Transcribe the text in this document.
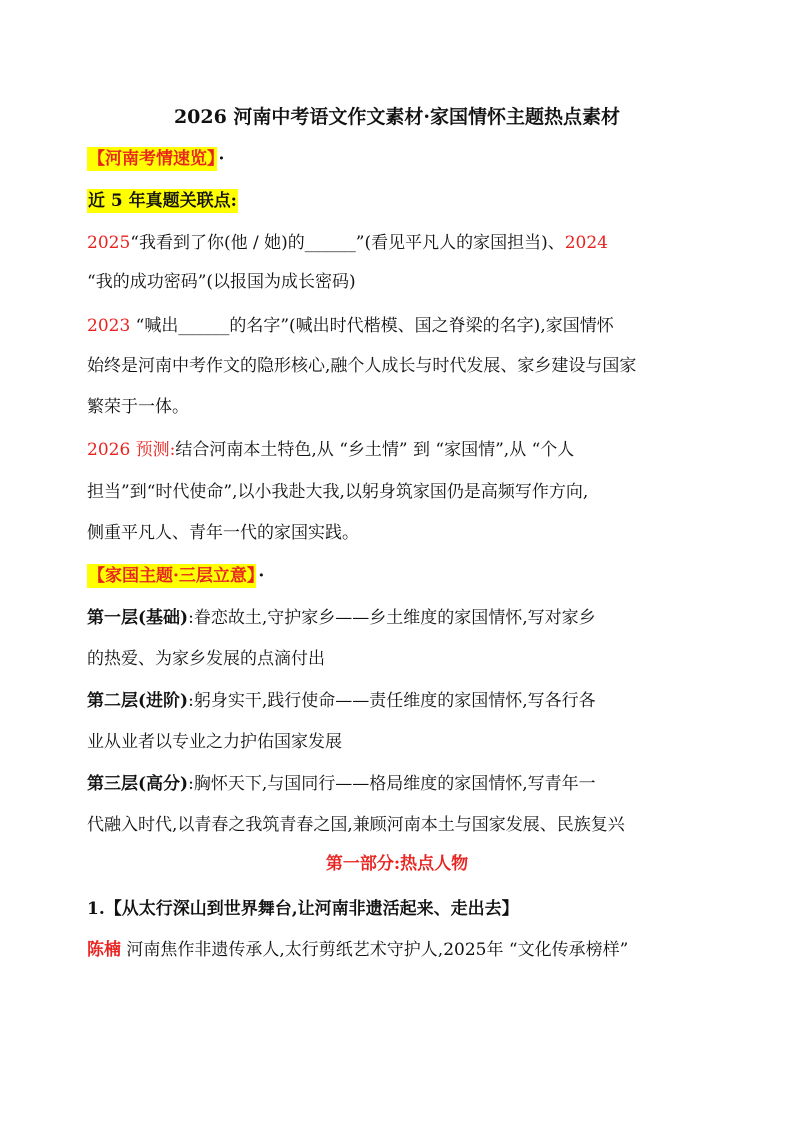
2026 河南中考语文作文素材·家国情怀主题热点素材
【河南考情速览】 ·
近 5 年真题关联点:
2025“我看到了你(他 / 她)的______”(看见平凡人的家国担当)、2024
“我的成功密码”(以报国为成长密码)
2023 “喊出______的名字”(喊出时代楷模、国之脊梁的名字),家国情怀
始终是河南中考作文的隐形核心,融个人成长与时代发展、家乡建设与国家
繁荣于一体。
2026 预测:结合河南本土特色,从 “乡土情” 到 “家国情”,从 “个人
担当”到“时代使命”,以小我赴大我,以躬身筑家国仍是高频写作方向,
侧重平凡人、青年一代的家国实践。
【家国主题·三层立意】 ·
第一层(基础):眷恋故土,守护家乡——乡土维度的家国情怀,写对家乡
的热爱、为家乡发展的点滴付出
第二层(进阶):躬身实干,践行使命——责任维度的家国情怀,写各行各
业从业者以专业之力护佑国家发展
第三层(高分):胸怀天下,与国同行——格局维度的家国情怀,写青年一
代融入时代,以青春之我筑青春之国,兼顾河南本土与国家发展、民族复兴
第一部分:热点人物
1.【从太行深山到世界舞台,让河南非遗活起来、走出去】
陈楠 河南焦作非遗传承人,太行剪纸艺术守护人,2025年 “文化传承榜样”
